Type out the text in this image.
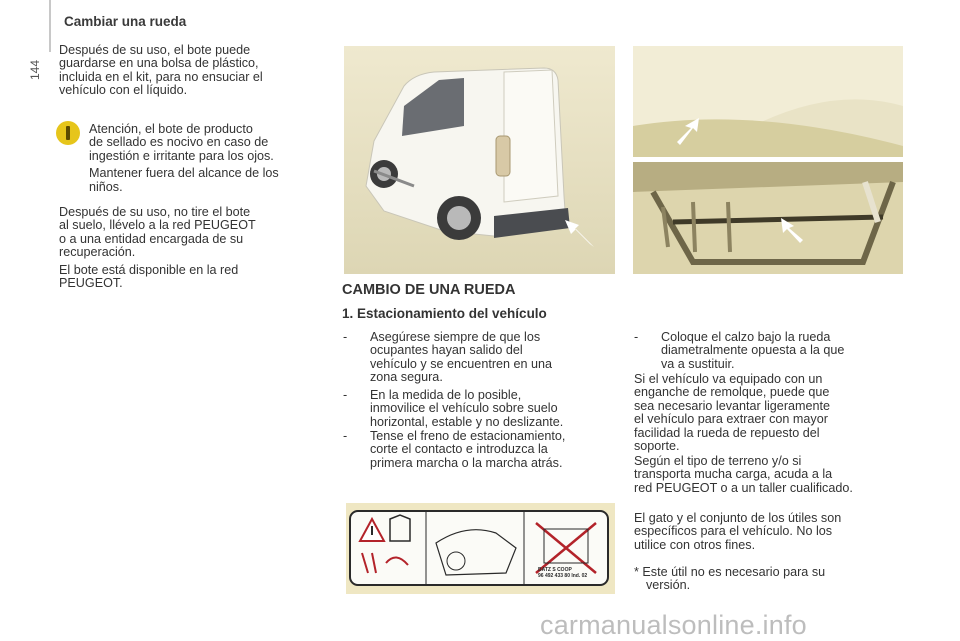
Cambiar una rueda
144

Después de su uso, el bote puede

guardarse en una bolsa de plástico,

incluida en el kit, para no ensuciar el

vehículo con el líquido.

Atención, el bote de producto

de sellado es nocivo en caso de

ingestión e irritante para los ojos.

Mantener fuera del alcance de los

niños.

Después de su uso, no tire el bote

al suelo, llévelo a la red PEUGEOT

o a una entidad encargada de su

recuperación.

El bote está disponible en la red

PEUGEOT.	CAMBIO DE UNA RUEDA
1. Estacionamiento del vehículo
- Asegúrese siempre de que los

ocupantes hayan salido del

vehículo y se encuentren en una

zona segura.

- En la medida de lo posible,

inmovilice el vehículo sobre suelo

horizontal, estable y no deslizante.

- Tense el freno de estacionamiento,

corte el contacto e introduzca la

primera marcha o la marcha atrás.

- Coloque el calzo bajo la rueda

diametralmente opuesta a la que

va a sustituir.

Si el vehículo va equipado con un

enganche de remolque, puede que

sea necesario levantar ligeramente

el vehículo para extraer con mayor

facilidad la rueda de repuesto del

soporte.

Según el tipo de terreno y/o si

transporta mucha carga, acuda a la

red PEUGEOT o a un taller cualificado.

El gato y el conjunto de los útiles son

específicos para el vehículo. No los

utilice con otros fines.

* Este útil no es necesario para su

versión.

BATZ S COOP
96 492 433 80 Ind. 02
carmanualsonline.info
